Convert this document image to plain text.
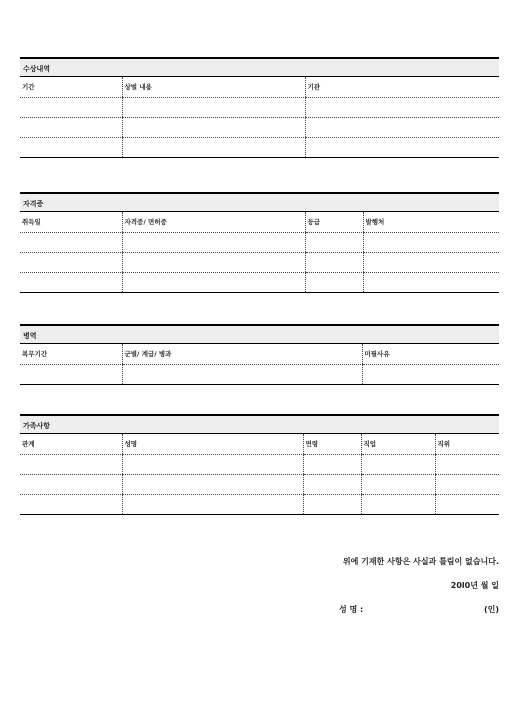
수상내역
기간	상벌 내용	기관

자격증
취득일	자격증/ 면허증	등급	발행처

병역
복무기간	군별/ 계급/ 병과	미필사유

가족사항
관계	성명	연령	직업	직위

위에 기재한 사항은 사실과 틀림이 없습니다.
20l0년 월 일
성 명 :	(인)
